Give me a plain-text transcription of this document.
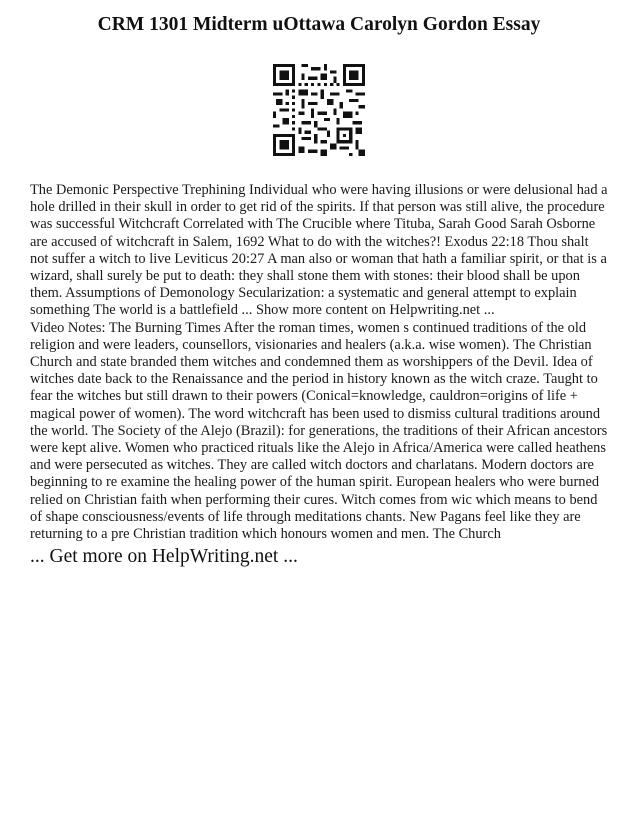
CRM 1301 Midterm uOttawa Carolyn Gordon Essay

The Demonic Perspective Trephining Individual who were having illusions or were delusional had a hole drilled in their skull in order to get rid of the spirits. If that person was still alive, the procedure was successful Witchcraft Correlated with The Crucible where Tituba, Sarah Good Sarah Osborne are accused of witchcraft in Salem, 1692 What to do with the witches?! Exodus 22:18 Thou shalt not suffer a witch to live Leviticus 20:27 A man also or woman that hath a familiar spirit, or that is a wizard, shall surely be put to death: they shall stone them with stones: their blood shall be upon them. Assumptions of Demonology Secularization: a systematic and general attempt to explain something The world is a battlefield ... Show more content on Helpwriting.net ...

Video Notes: The Burning Times After the roman times, women s continued traditions of the old religion and were leaders, counsellors, visionaries and healers (a.k.a. wise women). The Christian Church and state branded them witches and condemned them as worshippers of the Devil. Idea of witches date back to the Renaissance and the period in history known as the witch craze. Taught to fear the witches but still drawn to their powers (Conical=knowledge, cauldron=origins of life + magical power of women). The word witchcraft has been used to dismiss cultural traditions around the world. The Society of the Alejo (Brazil): for generations, the traditions of their African ancestors were kept alive. Women who practiced rituals like the Alejo in Africa/America were called heathens and were persecuted as witches. They are called witch doctors and charlatans. Modern doctors are beginning to re examine the healing power of the human spirit. European healers who were burned relied on Christian faith when performing their cures. Witch comes from wic which means to bend of shape consciousness/events of life through meditations chants. New Pagans feel like they are returning to a pre Christian tradition which honours women and men. The Church

... Get more on HelpWriting.net ...
